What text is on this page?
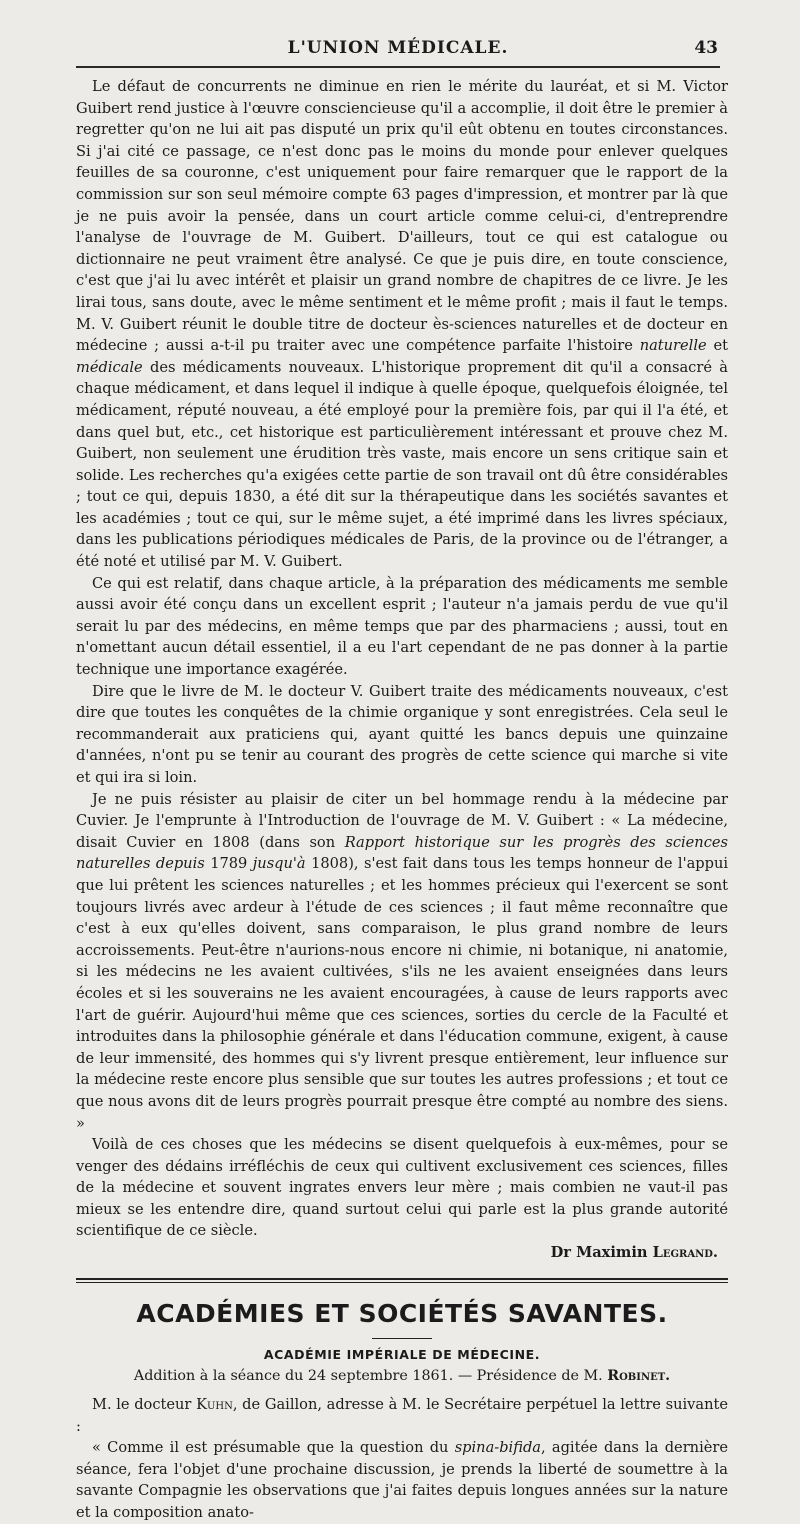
L'UNION MÉDICALE.	43

Le défaut de concurrents ne diminue en rien le mérite du lauréat, et si M. Victor Guibert rend justice à l'œuvre consciencieuse qu'il a accomplie, il doit être le premier à regretter qu'on ne lui ait pas disputé un prix qu'il eût obtenu en toutes circonstances. Si j'ai cité ce passage, ce n'est donc pas le moins du monde pour enlever quelques feuilles de sa couronne, c'est uniquement pour faire remarquer que le rapport de la commission sur son seul mémoire compte 63 pages d'impression, et montrer par là que je ne puis avoir la pensée, dans un court article comme celui-ci, d'entreprendre l'analyse de l'ouvrage de M. Guibert. D'ailleurs, tout ce qui est catalogue ou dictionnaire ne peut vraiment être analysé. Ce que je puis dire, en toute conscience, c'est que j'ai lu avec intérêt et plaisir un grand nombre de chapitres de ce livre. Je les lirai tous, sans doute, avec le même sentiment et le même profit ; mais il faut le temps. M. V. Guibert réunit le double titre de docteur ès-sciences naturelles et de docteur en médecine ; aussi a-t-il pu traiter avec une compétence parfaite l'histoire naturelle et médicale des médicaments nouveaux. L'historique proprement dit qu'il a consacré à chaque médicament, et dans lequel il indique à quelle époque, quelquefois éloignée, tel médicament, réputé nouveau, a été employé pour la première fois, par qui il l'a été, et dans quel but, etc., cet historique est particulièrement intéressant et prouve chez M. Guibert, non seulement une érudition très vaste, mais encore un sens critique sain et solide. Les recherches qu'a exigées cette partie de son travail ont dû être considérables ; tout ce qui, depuis 1830, a été dit sur la thérapeutique dans les sociétés savantes et les académies ; tout ce qui, sur le même sujet, a été imprimé dans les livres spéciaux, dans les publications périodiques médicales de Paris, de la province ou de l'étranger, a été noté et utilisé par M. V. Guibert.

Ce qui est relatif, dans chaque article, à la préparation des médicaments me semble aussi avoir été conçu dans un excellent esprit ; l'auteur n'a jamais perdu de vue qu'il serait lu par des médecins, en même temps que par des pharmaciens ; aussi, tout en n'omettant aucun détail essentiel, il a eu l'art cependant de ne pas donner à la partie technique une importance exagérée.

Dire que le livre de M. le docteur V. Guibert traite des médicaments nouveaux, c'est dire que toutes les conquêtes de la chimie organique y sont enregistrées. Cela seul le recommanderait aux praticiens qui, ayant quitté les bancs depuis une quinzaine d'années, n'ont pu se tenir au courant des progrès de cette science qui marche si vite et qui ira si loin.

Je ne puis résister au plaisir de citer un bel hommage rendu à la médecine par Cuvier. Je l'emprunte à l'Introduction de l'ouvrage de M. V. Guibert : « La médecine, disait Cuvier en 1808 (dans son Rapport historique sur les progrès des sciences naturelles depuis 1789 jusqu'à 1808), s'est fait dans tous les temps honneur de l'appui que lui prêtent les sciences naturelles ; et les hommes précieux qui l'exercent se sont toujours livrés avec ardeur à l'étude de ces sciences ; il faut même reconnaître que c'est à eux qu'elles doivent, sans comparaison, le plus grand nombre de leurs accroissements. Peut-être n'aurions-nous encore ni chimie, ni botanique, ni anatomie, si les médecins ne les avaient cultivées, s'ils ne les avaient enseignées dans leurs écoles et si les souverains ne les avaient encouragées, à cause de leurs rapports avec l'art de guérir. Aujourd'hui même que ces sciences, sorties du cercle de la Faculté et introduites dans la philosophie générale et dans l'éducation commune, exigent, à cause de leur immensité, des hommes qui s'y livrent presque entièrement, leur influence sur la médecine reste encore plus sensible que sur toutes les autres professions ; et tout ce que nous avons dit de leurs progrès pourrait presque être compté au nombre des siens. »

Voilà de ces choses que les médecins se disent quelquefois à eux-mêmes, pour se venger des dédains irréfléchis de ceux qui cultivent exclusivement ces sciences, filles de la médecine et souvent ingrates envers leur mère ; mais combien ne vaut-il pas mieux se les entendre dire, quand surtout celui qui parle est la plus grande autorité scientifique de ce siècle.

Dr Maximin Legrand.
ACADÉMIES ET SOCIÉTÉS SAVANTES.
ACADÉMIE IMPÉRIALE DE MÉDECINE.
Addition à la séance du 24 septembre 1861. — Présidence de M. Robinet.

M. le docteur Kuhn, de Gaillon, adresse à M. le Secrétaire perpétuel la lettre suivante :

« Comme il est présumable que la question du spina-bifida, agitée dans la dernière séance, fera l'objet d'une prochaine discussion, je prends la liberté de soumettre à la savante Compagnie les observations que j'ai faites depuis longues années sur la nature et la composition anato-
